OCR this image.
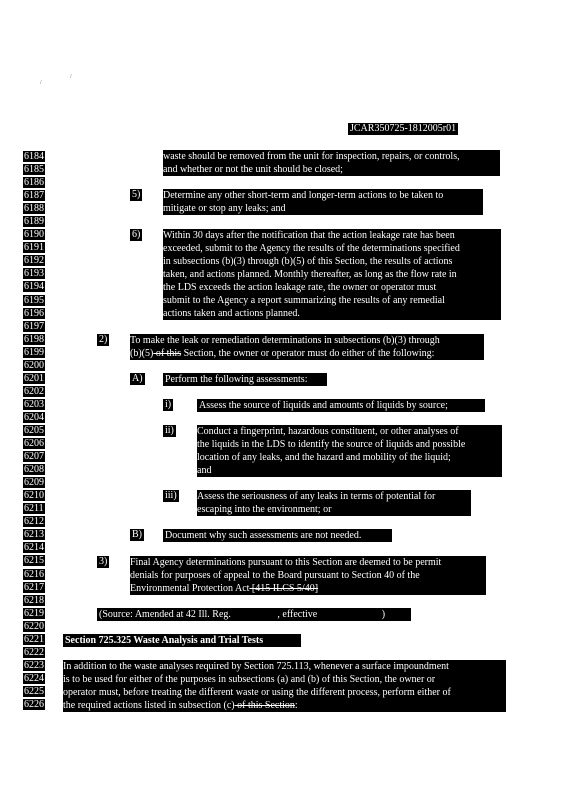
/
/
JCAR350725-1812005r01
6184
6185
6186
6187
6188
6189
6190
6191
6192
6193
6194
6195
6196
6197
6198
6199
6200
6201
6202
6203
6204
6205
6206
6207
6208
6209
6210
6211
6212
6213
6214
6215
6216
6217
6218
6219
6220
6221
6222
6223
6224
6225
6226
waste should be removed from the unit for inspection, repairs, or controls,
and whether or not the unit should be closed;
5) Determine any other short-term and longer-term actions to be taken to
mitigate or stop any leaks; and
6) Within 30 days after the notification that the action leakage rate has been
exceeded, submit to the Agency the results of the determinations specified
in subsections (b)(3) through (b)(5) of this Section, the results of actions
taken, and actions planned. Monthly thereafter, as long as the flow rate in
the LDS exceeds the action leakage rate, the owner or operator must
submit to the Agency a report summarizing the results of any remedial
actions taken and actions planned.
2) To make the leak or remediation determinations in subsections (b)(3) through
(b)(5) of this Section, the owner or operator must do either of the following:
A) Perform the following assessments:
i)	Assess the source of liquids and amounts of liquids by source;
ii) Conduct a fingerprint, hazardous constituent, or other analyses of
the liquids in the LDS to identify the source of liquids and possible
location of any leaks, and the hazard and mobility of the liquid;
and
iii) Assess the seriousness of any leaks in terms of potential for
escaping into the environment; or
B) Document why such assessments are not needed.
3) Final Agency determinations pursuant to this Section are deemed to be permit
denials for purposes of appeal to the Board pursuant to Section 40 of the
Environmental Protection Act [415 ILCS 5/40]
(Source: Amended at 42 Ill. Reg.	, effective	)
Section 725.325 Waste Analysis and Trial Tests
In addition to the waste analyses required by Section 725.113, whenever a surface impoundment
is to be used for either of the purposes in subsections (a) and (b) of this Section, the owner or
operator must, before treating the different waste or using the different process, perform either of
the required actions listed in subsection (c) of this Section:
